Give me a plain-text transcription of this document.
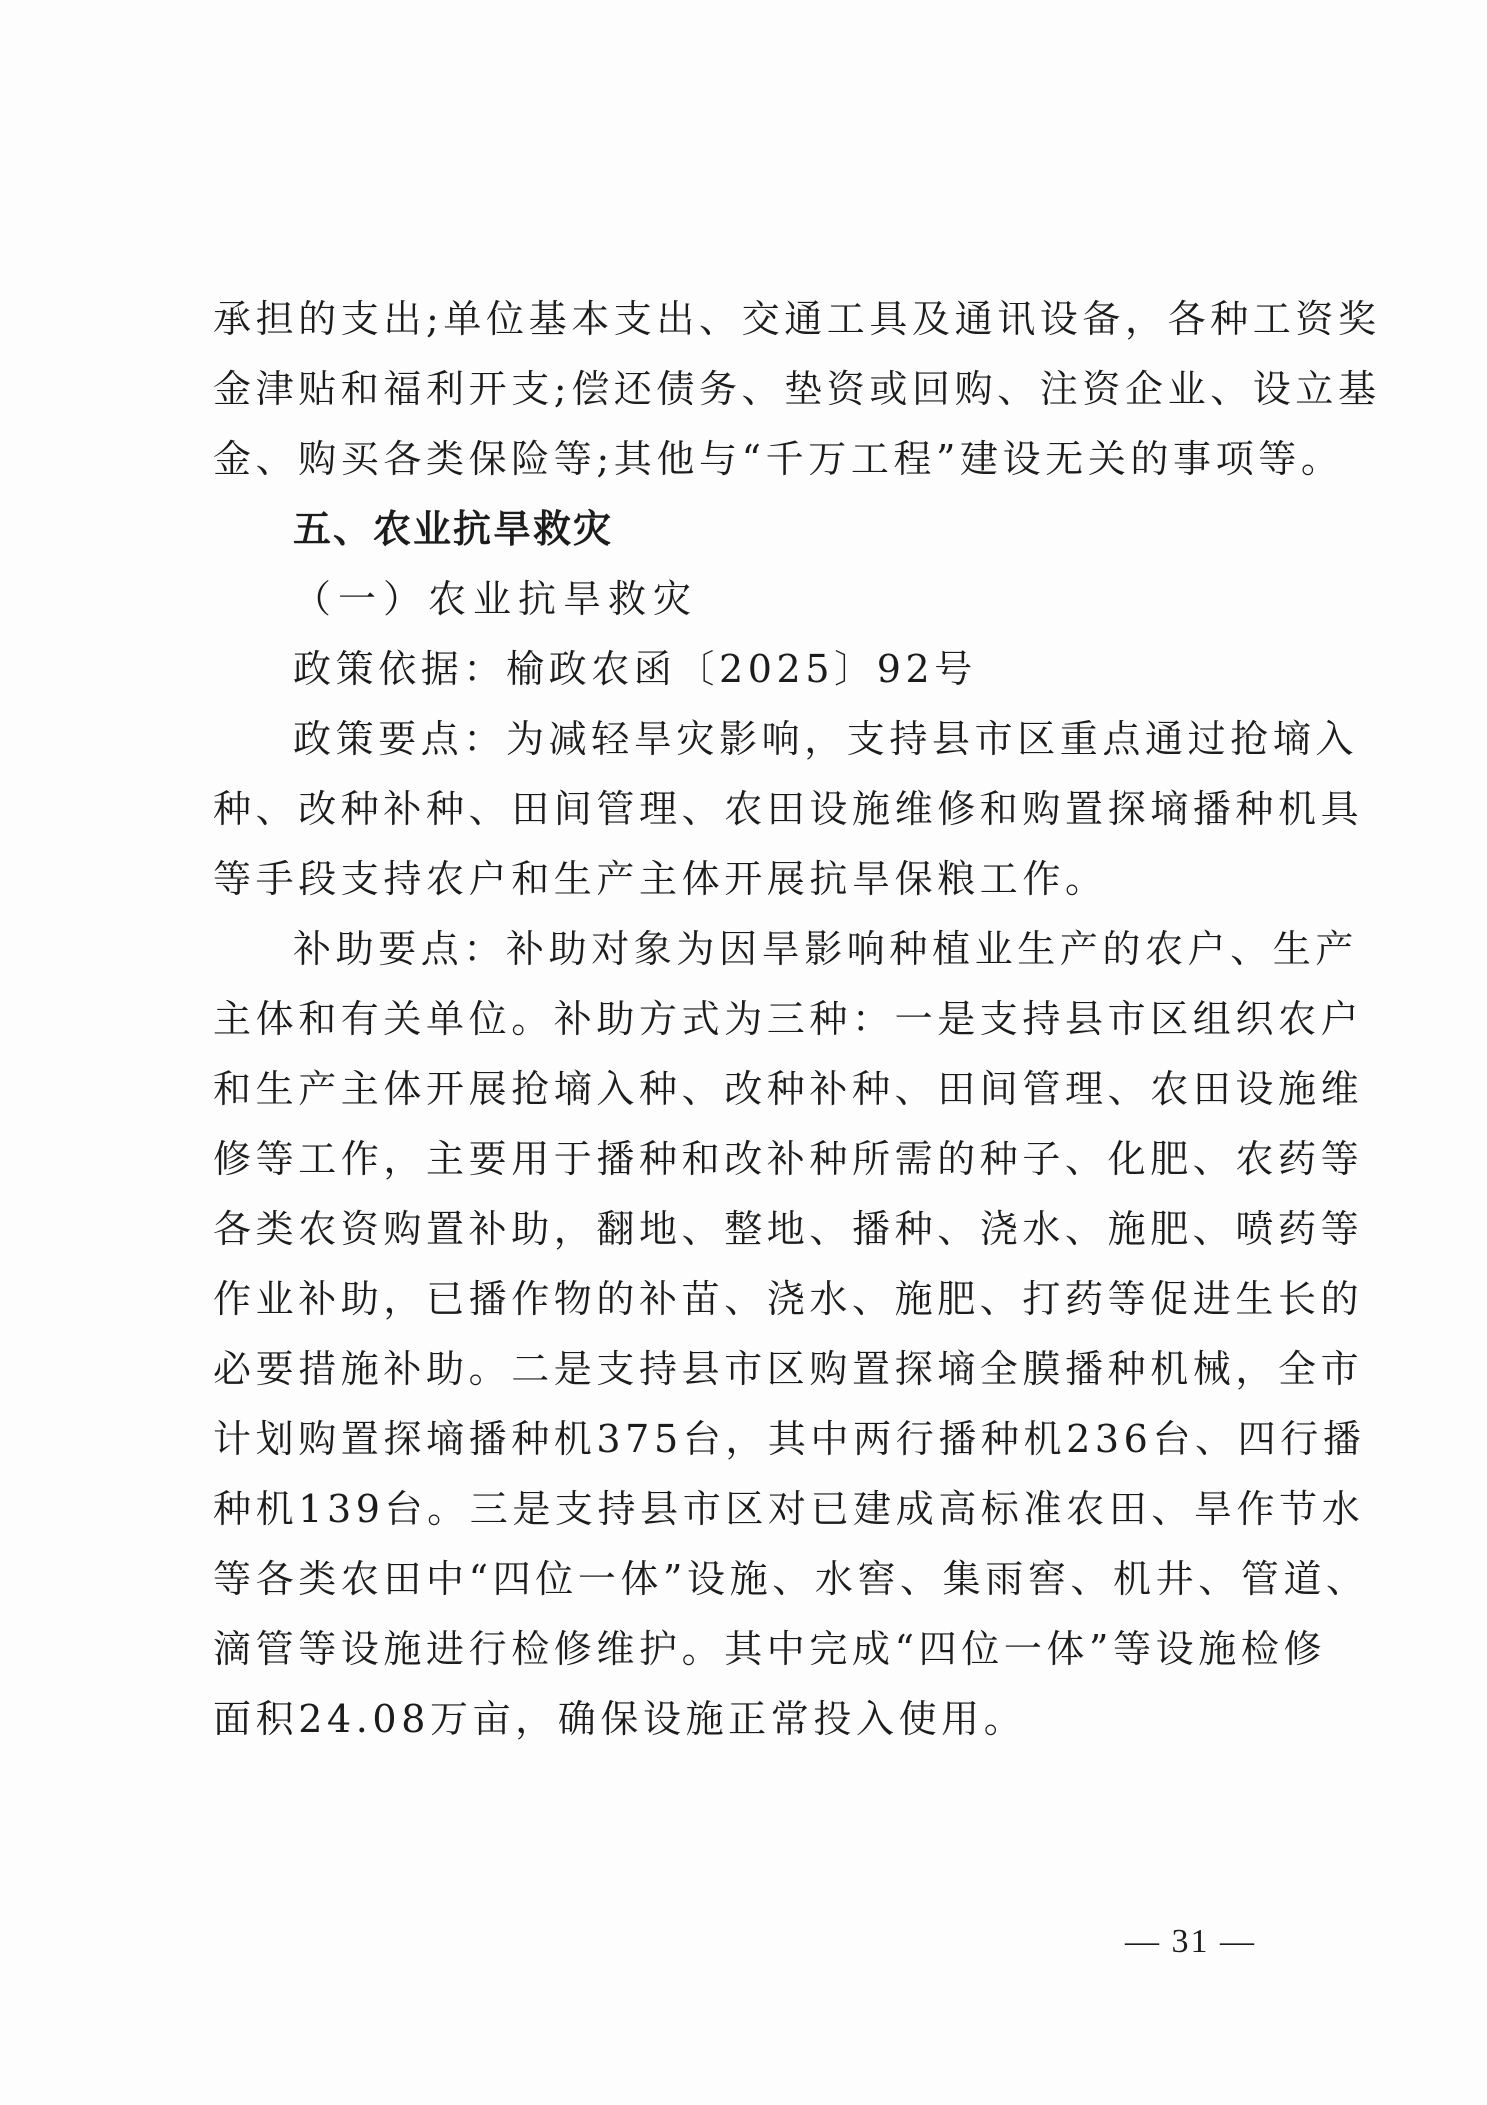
承担的支出;单位基本支出、交通工具及通讯设备，各种工资奖
金津贴和福利开支;偿还债务、垫资或回购、注资企业、设立基
金、购买各类保险等;其他与“千万工程”建设无关的事项等。
五、农业抗旱救灾
（一）农业抗旱救灾
政策依据：榆政农函〔2025〕92号
政策要点：为减轻旱灾影响，支持县市区重点通过抢墒入
种、改种补种、田间管理、农田设施维修和购置探墒播种机具
等手段支持农户和生产主体开展抗旱保粮工作。
补助要点：补助对象为因旱影响种植业生产的农户、生产
主体和有关单位。补助方式为三种：一是支持县市区组织农户
和生产主体开展抢墒入种、改种补种、田间管理、农田设施维
修等工作，主要用于播种和改补种所需的种子、化肥、农药等
各类农资购置补助，翻地、整地、播种、浇水、施肥、喷药等
作业补助，已播作物的补苗、浇水、施肥、打药等促进生长的
必要措施补助。二是支持县市区购置探墒全膜播种机械，全市
计划购置探墒播种机375台，其中两行播种机236台、四行播
种机139台。三是支持县市区对已建成高标准农田、旱作节水
等各类农田中“四位一体”设施、水窖、集雨窖、机井、管道、
滴管等设施进行检修维护。其中完成“四位一体”等设施检修
面积24.08万亩，确保设施正常投入使用。
— 31 —
